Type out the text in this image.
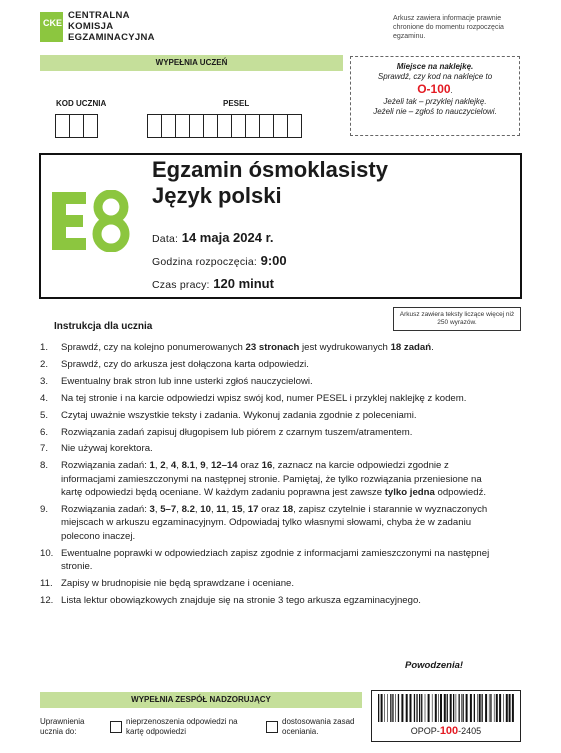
CKE
CENTRALNA
KOMISJA
EGZAMINACYJNA
Arkusz zawiera informacje prawnie chronione do momentu rozpoczęcia egzaminu.
WYPEŁNIA UCZEŃ
KOD UCZNIA	PESEL
Miejsce na naklejkę.
Sprawdź, czy kod na naklejce to
O-100.
Jeżeli tak – przyklej naklejkę.
Jeżeli nie – zgłoś to nauczycielowi.
Egzamin ósmoklasisty
Język polski
Data: 14 maja 2024 r.
Godzina rozpoczęcia: 9:00
Czas pracy: 120 minut
Arkusz zawiera teksty liczące więcej niż 250 wyrazów.
Instrukcja dla ucznia
1. Sprawdź, czy na kolejno ponumerowanych 23 stronach jest wydrukowanych 18 zadań.
2. Sprawdź, czy do arkusza jest dołączona karta odpowiedzi.
3. Ewentualny brak stron lub inne usterki zgłoś nauczycielowi.
4. Na tej stronie i na karcie odpowiedzi wpisz swój kod, numer PESEL i przyklej naklejkę z kodem.
5. Czytaj uważnie wszystkie teksty i zadania. Wykonuj zadania zgodnie z poleceniami.
6. Rozwiązania zadań zapisuj długopisem lub piórem z czarnym tuszem/atramentem.
7. Nie używaj korektora.
8. Rozwiązania zadań: 1, 2, 4, 8.1, 9, 12–14 oraz 16, zaznacz na karcie odpowiedzi zgodnie z informacjami zamieszczonymi na następnej stronie. Pamiętaj, że tylko rozwiązania przeniesione na kartę odpowiedzi będą oceniane. W każdym zadaniu poprawna jest zawsze tylko jedna odpowiedź.
9. Rozwiązania zadań: 3, 5–7, 8.2, 10, 11, 15, 17 oraz 18, zapisz czytelnie i starannie w wyznaczonych miejscach w arkuszu egzaminacyjnym. Odpowiadaj tylko własnymi słowami, chyba że w zadaniu polecono inaczej.
10. Ewentualne poprawki w odpowiedziach zapisz zgodnie z informacjami zamieszczonymi na następnej stronie.
11. Zapisy w brudnopisie nie będą sprawdzane i oceniane.
12. Lista lektur obowiązkowych znajduje się na stronie 3 tego arkusza egzaminacyjnego.
Powodzenia!
WYPEŁNIA ZESPÓŁ NADZORUJĄCY
Uprawnienia ucznia do:
nieprzenoszenia odpowiedzi na kartę odpowiedzi
dostosowania zasad oceniania.	OPOP-100-2405
